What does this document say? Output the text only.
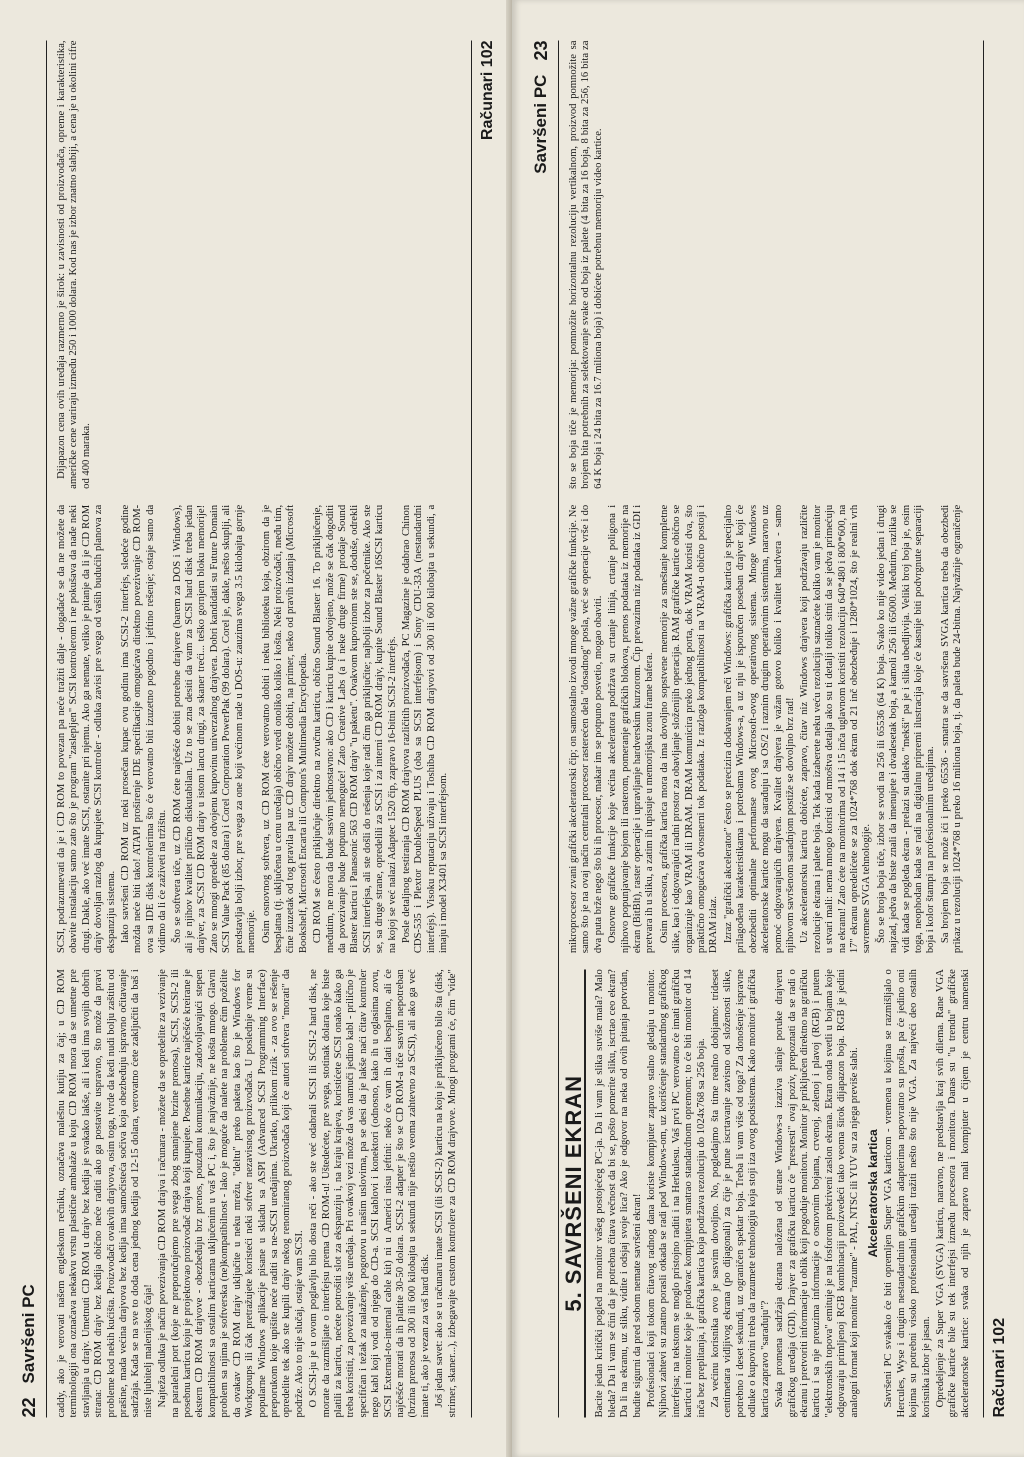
22
Savršeni PC caddy, ako je verovati našem engleskom rečniku, označava malešnu kutiju za čaj; u CD ROM terminologiji ona označava nekakvu vrstu plastične ambalaže u koju CD ROM mora da se umetne pre stavljanja u drajv. Umetnuti CD ROM u drajv bez kedija je svakako lakše, ali i kedi ima svojih dobrih strana: CD ROM drajv bez kedija obično neće raditi ako ga postavite uspravno, što može da pravi probleme kod nekih kućišta. Proizvođači ovakvih drajvova, osim toga, tvrde da kedi nudi bolju zaštitu od prašine, mada većina drajvova bez kedija ima samočisteća sočiva koja obezbeđuju ispravno očitavanje sadržaja. Kada se na sve to doda cena jednog kedija od 12-15 dolara, verovatno ćete zaključiti da baš i niste ljubitelj malenijskog čaja! Najteža odluka je način povezivanja CD ROM drajva i računara - možete da se opredelite za vezivanje na paralelni port (koje ne preporučujemo pre svega zbog smanjene brzine prenosa), SCSI, SCSI-2 ili posebnu karticu koju je projektovao proizvođač drajva koji kupujete. Posebne kartice najčešće kreirane je ekstern CD ROM drajvove - obezbeđuju brz prenos, pouzdanu komunikaciju, zadovoljavajući stepen kompatibilnosti sa ostalim karticama uključenim u vaš PC i, što je najvažnije, ne košta mnogo. Glavni problem sa njima je softverska (ne)kompatibilnost - lako je moguće da nalete na probleme čim poželite da ovakav CD ROM drajv uključite u neku mrežu, "deltu" preko paketa kao što je Windows for Workgroups ili čak pretražujete koristeći neki softver nezavisnog proizvođača. U poslednje vreme su popularne Windows aplikacije pisane u skladu sa ASPI (Advanced SCSI Programming Interface) preporukom koje upišite neće raditi sa ne-SCSI uređajima. Ukratko, prilikom rizik - za ovo se rešenje opredelite tek ako ste kupili drajv nekog renomiranog proizvođača koji će autori softvera "morati" da podrže. Ako to nije slučaj, ostaje vam SCSI. O SCSI-ju je u ovom poglavlju bilo dosta reči - ako ste već odabrali SCSI ili SCSI-2 hard disk, ne morate da razmišljate o interfejsu prema CD ROM-u! Uštedećete, pre svega, stotinak dolara koje biste platili za karticu, nećete potrošiti slot za ekspanziju i, na kraju krajeva, koristićete SCSI onako kako ga treba koristiti, za povezivanje više uređaja. Pri ovakvoj vezi može da vas namuči jedino kabl - prilično je specifičan i težak za nalaženje, pogotovu u našim uslovima, pa se desi da je lakše naći čitav kontroler nego kabl koji vodi od njega do CD-a. SCSI kablovi i konektori (odnosno, kako ih u oglasima zovu, SCSI External-to-internal cable kit) ni u Americi nisu jeftini: neko će vam ih dati besplatno, ali će najčešće morati da ih platite 30-50 dolara. SCSI-2 adapter je što se CD ROM-a tiče sasvim nepotreban (brzina prenosa od 300 ili 600 kilobajta u sekundi nije neštio veoma zahtevno za SCSI), ali ako ga već imate ti, ako je vezan za vaš hard disk. Još jedan savet: ako se u računaru imate SCSI (ili SCSI-2) karticu na koju je priključeno bilo šta (disk, strimer, skaner...), izbegavajte custom kontrolere za CD ROM drajvove. Mnogi programi će, čim "vide" SCSI, podrazumevati da je i CD ROM to povezan pa neće tražiti dalje - događaće se da ne možete da obavite instalaciju samo zato što je program "zaslepljen" SCSI kontrolerom i ne pokušava da nađe neki drugi. Dakle, ako već imate SCSI, ostanite pri njemu. Ako ga nemate, veliko je pitanje da li je CD ROM drajv dovoljan razlog da kupujete SCSI kontroler - odluka zavisi pre svega od vaših budućih planova za ekspanziju sistema. Iako savršeni CD ROM uz neki prosečan kupac ovu godinu ima SCSI-2 interfejs, sledeće godine možda neće biti tako! ATAPI proširenje IDE specifikacije omogućava direktno povezivanje CD ROM-ova sa IDE disk kontrolerima što će verovatno biti izuzetno pogodno i jeftino rešenje; ostaje samo da vidimo da li će zaživeti na tržištu. Što se softvera tiče, uz CD ROM ćete najčešće dobiti potrebne drajvere (barem za DOS i Windows), ali je njihov kvalitet prilično diskutabilan. Uz to se zna desiti da vam za SCSI hard disk treba jedan drajver, za SCSI CD ROM drajv u istom lancu drugi, za skaner treći... teško gornjem bloku memorije! Zato se mnogi opredele za odvojenu kupovinu univerzalnog drajvera. Dobri kandidati su Future Domain SCSI Value Pack (85 dolara) i Corel Corporation PowerPak (99 dolara). Corel je, dakle, nešto skuplji, ali predstavlja bolji izbor, pre svega za one koji većinom rade u DOS-u: zauzima svega 3.5 kilobajta gornje memorije. Osim osnovnog softvera, uz CD ROM ćete verovatno dobiti i neku biblioteku koja, obzirom da je besplatna (tj. uključena u cenu uređaja) obično vredi onoliko koliko i košta. Neki proizvođači, među tim, čine izuzetak od tog pravila pa uz CD drajv možete dobiti, na primer, neko od pravih izdanja (Microsoft Bookshelf, Microsoft Encarta ili Compton's Multimedia Encyclopedia. CD ROM se često priključuje direktno na zvučnu karticu, obično Sound Blaster 16. To priključenje, međutim, ne mora da bude sasvim jednostavno: ako CD i karticu kupite odvojeno, može se čak dogoditi da povezivanje bude potpuno nemoguće! Zato Creative Labs (a i neke druge firme) prodaje Sound Blaster karticu i Panasonic 563 CD ROM drajv "u paketu". Ovakvom kupovinom ste se, doduše, odrekli SCSI interfejsa, ali ste došli do rešenja koje radi čim ga priključite; najbolji izbor za početnike. Ako ste se, sa druge strane, opredelili za SCSI i za interni CD ROM drajv, kupite Sound Blaster 16SCSI karticu na kojoj se već nalazi Adaptec 1520 čip, zapravo 16-bitni SCSI-2 interfejs. Posle detaljnog testiranja CD ROM drajvova različitih proizvođača, PC Magazine je odabrao Chinon CDS-535 i Plextor DoubleSpeed PLUS (oba sa SCSI interfejsom) i Sony CDU-33A (nestandardni interfejs). Visoku reputaciju uživaju i Toshiba CD ROM drajvovi od 300 ili 600 kilobajta u sekundi, a imaju i model X3401 sa SCSI interfejsom.

Dijapazon cena ovih uređaja razmerno je širok: u zavisnosti od proizvođača, opreme i karakteristika, američke cene variraju između 250 i 1000 dolara. Kod nas je izbor znatno slabiji, a cena je u okolini cifre od 400 maraka.

Računari 102 Savršeni PC
23
5. SAVRŠENI EKRAN Bacite jedan kritički pogled na monitor vašeg postojećeg PC-ja. Da li vam je slika suviše mala? Malo bleda? Da li vam se čini da je potrebna čitava večnost da bi se, pošto pomerite sliku, iscrtao ceo ekran? Da li na ekranu, uz sliku, vidite i odsjaj svoje lica? Ako je odgovor na neka od ovih pitanja potvrdan, budite sigurni da pred sobom nemate savršeni ekran! Profesionalci koji tokom čitavog radnog dana koriste kompjuter zapravo stalno gledaju u monitor. Njihovi zahtevi su znatno porasli otkada se radi pod Windows-om, uz korišćenje standardnog grafičkog interfejsa; na tekstom se moglo pristojno raditi i na Herkulesu. Vaš prvi PC verovatno će imati grafičku karticu i monitor koje je prodavac kompjutera smatrao standardnom opremom; to će biti monitor od 14 inča bez preplitanja, i grafička kartica koja podržava rezoluciju do 1024x768 sa 256 boja. Za većinu korisnika ovo je sasvim dovoljno. No, pogledajmo šta time realno dobijamo: trideset centimetara vidljivog ekrana (po dijagonali) za čije je pune iscrtavanje zavisno od složenosti slike, potrebno i deset sekundi, uz ograničen spektar boja. Treba li vam više od toga? Za donošenje ispravne odluke o kupovini treba da razumete tehnologiju koja stoji iza ovog podsistema. Kako monitor i grafička kartica zapravo "sarađuju"? Svaka promena sadržaja ekrana naložena od strane Windows-a izaziva slanje poruke drajveru grafičkog uređaja (GDI). Drajver za grafičku karticu će "presresti" ovaj poziv, prepoznati da se radi o ekranu i pretvoriti informacije u oblik koji pogoduje monitoru. Monitor je priključen direktno na grafičku karticu i sa nje preuzima informacije o osnovnim bojama, crvenoj, zelenoj i plavoj (RGB) i putem "elektronskih topova" emituje je na fosforom prekrivení zaslon ekrana. Ekran onda svetli u bojama koje odgovaraju primljenoj RGB kombinaciji proizvedeći tako veoma širok dijapazon boja. RGB je jedini analogni format koji monitor "razume" - PAL, NTSC ili YUV su za njega previše slabi. Akceleratorska kartica Savršeni PC svakako će biti opremljen Super VGA karticom - vremena u kojima se razmišljalo o Hercules, Wyse i drugim nestandardnim grafičkim adapterima nepovratno su prošla, pa će jedino oni kojima su potrebni visoko profesionalni uređaji tražiti nešto što nije VGA. Za najveći deo ostalih korisnika izbor je jasan. Opredeljenje za Super VGA (SVGA) karticu, naravno, ne predstavlja kraj svih dilema. Rane VGA grafičke kartice bile su tek interfejsi između procesora i monitora. Danas su "u trendu" grafičke akceleratorske kartice: svaka od njih je zapravo mali kompjuter u čijem je centru namenski mikroprocesor zvani grafički akceleratorski čip; on samostalno izvodi mnoge važne grafičke funkcije. Ne samo što je na ovaj način centralni procesor rasterećen dela "dosadnog" posla, već se operacije vrše i do dva puta brže nego što bi ih procesor, makar im se potpuno posvetio, mogao obaviti. Osnovne grafičke funkcije koje većina akceleratora podržava su crtanje linija, crtanje poligona i njihovo popunjavanje bojom ili rasterom, pomeranje grafičkih blokova, prenos podataka iz memorije na ekran (BitBlt), raster operacije i upravljanje hardverskim kurzorom. Čip prevazima niz podataka iz GDI i pretvara ih u sliku, a zatim ih upisuje u memorijsku zonu frame bafera. Osim procesora, grafička kartica mora da ima dovoljno sopstvene memorije za smeštanje kompletne slike, kao i odgovarajući radni prostor za obavljanje složenijih operacija. RAM grafičke kartice obično se organizuje kao VRAM ili DRAM. DRAM komunicira preko jednog porta, dok VRAM koristi dva, što praktično omogućava dvosmerni tok podataka. Iz razloga kompatibilnosti na VRAM-u obično postoji i DRAM izlaz. Izraz "grafički akcelerator" često se precizira dodavanjem reči Windows: grafička kartica je specijalno prilagođena karakteristikama i potrebama Windows-a, a uz nju je isporučen poseban drajver koji će obezbediti optimalne performanse ovog Microsoft-ovog operativnog sistema. Mnoge Windows akceleratorske kartice mogu da sarađuju i sa OS/2 i raznim drugim operativnim sistemima, naravno uz pomoć odgovarajućih drajvera. Kvalitet drajvera je važan gotovo koliko i kvalitet hardvera - samo njihovom savršenom saradnjom postiže se dovoljno brz rad! Uz akceleratorsku karticu dobićete, zapravo, čitav niz Windows drajvera koji podržavaju različite rezolucije ekrana i palete boja. Tek kada izaberete neku veću rezoluciju saznaćete koliko vam je monitor u stvari mali: nema mnogo koristi od mnoštva detalja ako su ti detalji toliko sitni da se jedva primećuju na ekranu! Zato ćete na monitorima od 14 i 15 inča uglavnom koristiti rezoluciju 640*480 i 800*600, na 17" ekranu opredelićete se za 1024*768 dok ekran od 21 inč obezbeđuje i 1280*1024, što je realni vrh savremene SVGA tehnologije. Što se broja boja tiče, izbor se svodi na 256 ili 65536 (64 K) boja. Svako ko nije video jedan i drugi najzad, jedva da biste znali da imenujete i dvadesetak boja, a kamoli 256 ili 65000. Međutim, razlika se vidi kada se pogleda ekran - prelazi su daleko "mekši" pa je i slika ubedljivija. Veliki broj boja je, osim toga, neophodan kada se radi na digitalnu pripremi ilustracija koje će kasnije biti podvrgnute separaciji boja i kolor štampi na profesionalnim uređajima. Sa brojem boja se može ići i preko 65536 - smatra se da savršena SVGA kartica treba da obezbedi prikaz u rezoluciji 1024*768 u preko 16 miliona boja, tj. da paleta bude 24-bitna. Najvažnije ograničenje što se boja tiče je memorija: pomnožite horizontalnu rezoluciju vertikalnom, proizvod pomnožite sa brojem bita potrebnih za selektovanje svake od boja iz palete (4 bita za 16 boja, 8 bita za 256, 16 bita za 64 K boja i 24 bita za 16.7 miliona boja) i dobićete potrebnu memoriju video kartice.

Računari 102
